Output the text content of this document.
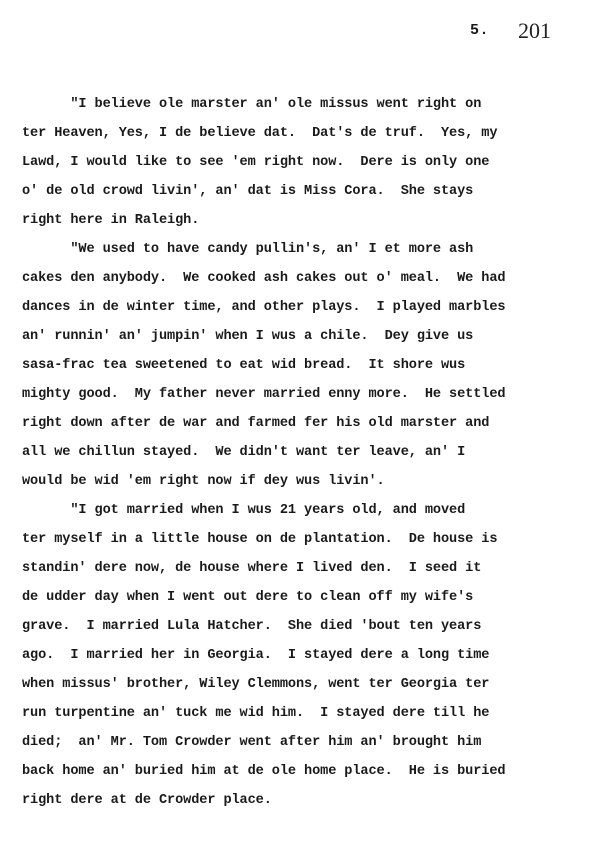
5. 201
"I believe ole marster an' ole missus went right on
ter Heaven, Yes, I de believe dat.  Dat's de truf.  Yes, my
Lawd, I would like to see 'em right now.  Dere is only one
o' de old crowd livin', an' dat is Miss Cora.  She stays
right here in Raleigh.
"We used to have candy pullin's, an' I et more ash
cakes den anybody.  We cooked ash cakes out o' meal.  We had
dances in de winter time, and other plays.  I played marbles
an' runnin' an' jumpin' when I wus a chile.  Dey give us
sasa-frac tea sweetened to eat wid bread.  It shore wus
mighty good.  My father never married enny more.  He settled
right down after de war and farmed fer his old marster and
all we chillun stayed.  We didn't want ter leave, an' I
would be wid 'em right now if dey wus livin'.
"I got married when I wus 21 years old, and moved
ter myself in a little house on de plantation.  De house is
standin' dere now, de house where I lived den.  I seed it
de udder day when I went out dere to clean off my wife's
grave.  I married Lula Hatcher.  She died 'bout ten years
ago.  I married her in Georgia.  I stayed dere a long time
when missus' brother, Wiley Clemmons, went ter Georgia ter
run turpentine an' tuck me wid him.  I stayed dere till he
died;  an' Mr. Tom Crowder went after him an' brought him
back home an' buried him at de ole home place.  He is buried
right dere at de Crowder place.
